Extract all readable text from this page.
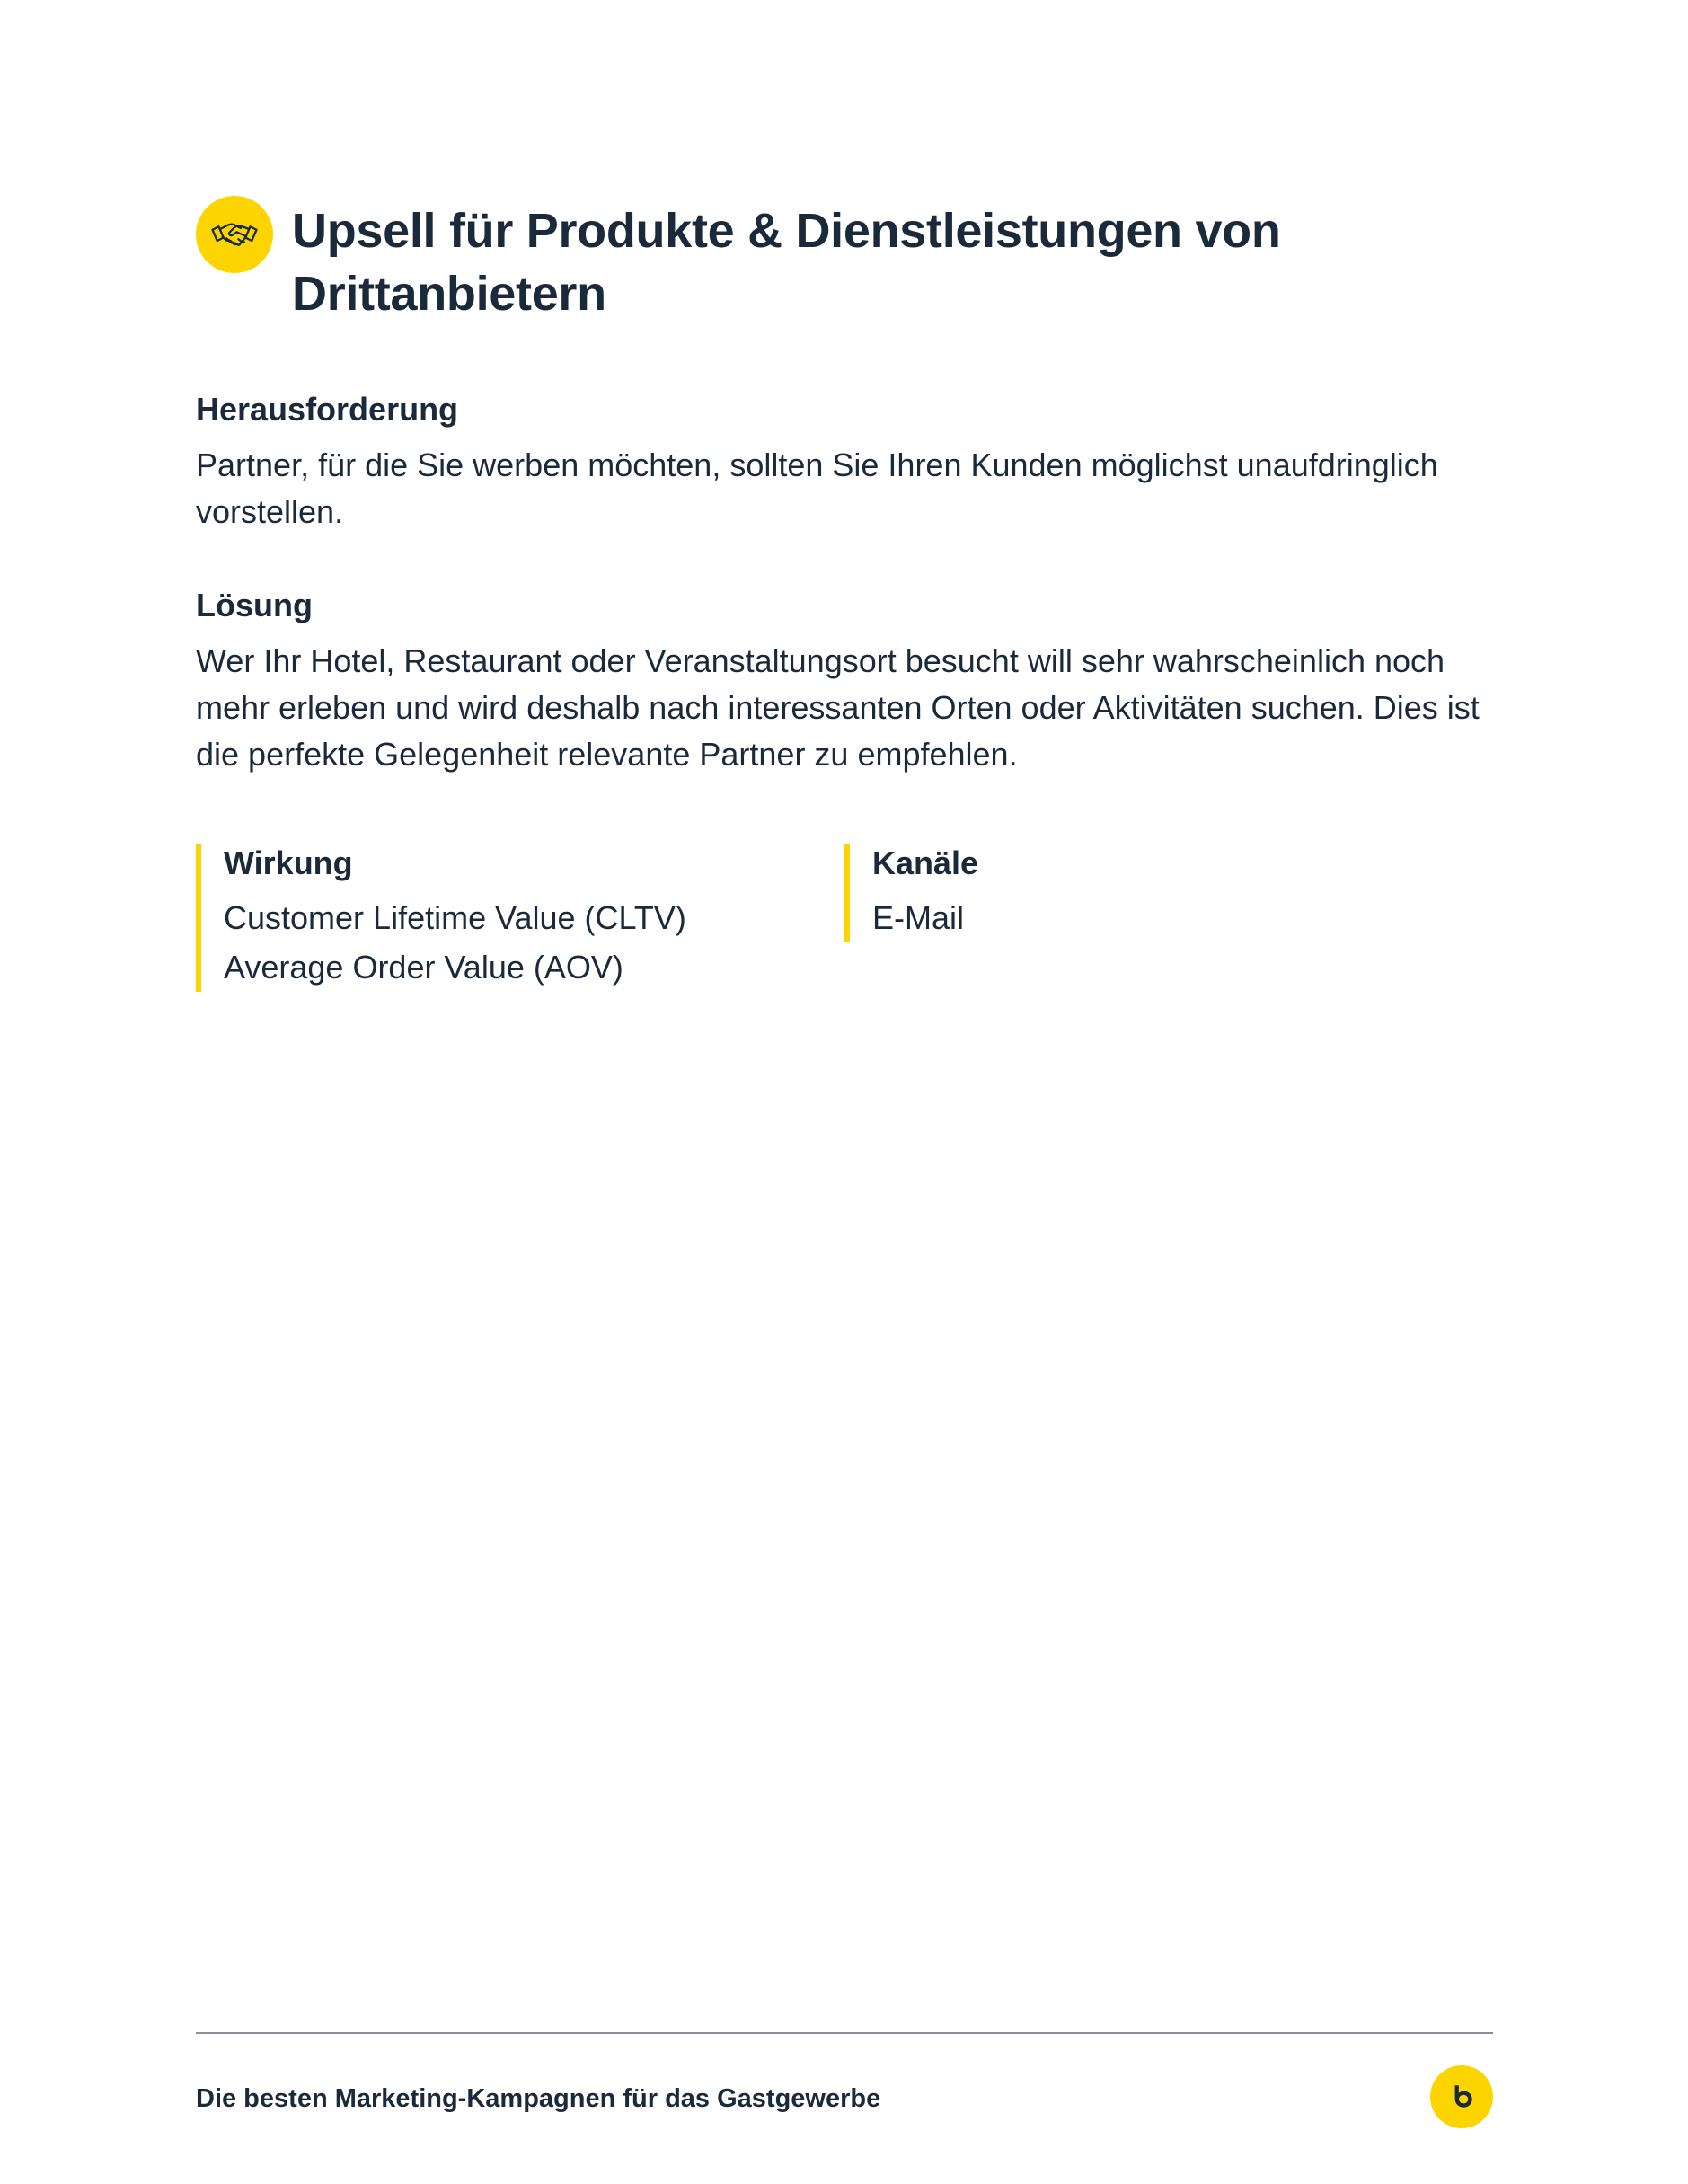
Upsell für Produkte & Dienstleistungen von Drittanbietern
Herausforderung

Partner, für die Sie werben möchten, sollten Sie Ihren Kunden möglichst unaufdringlich vorstellen.

Lösung

Wer Ihr Hotel, Restaurant oder Veranstaltungsort besucht will sehr wahrscheinlich noch mehr erleben und wird deshalb nach interessanten Orten oder Aktivitäten suchen. Dies ist die perfekte Gelegenheit relevante Partner zu empfehlen.

Wirkung
Customer Lifetime Value (CLTV)
Average Order Value (AOV)
Kanäle
E-Mail

Die besten Marketing-Kampagnen für das Gastgewerbe
